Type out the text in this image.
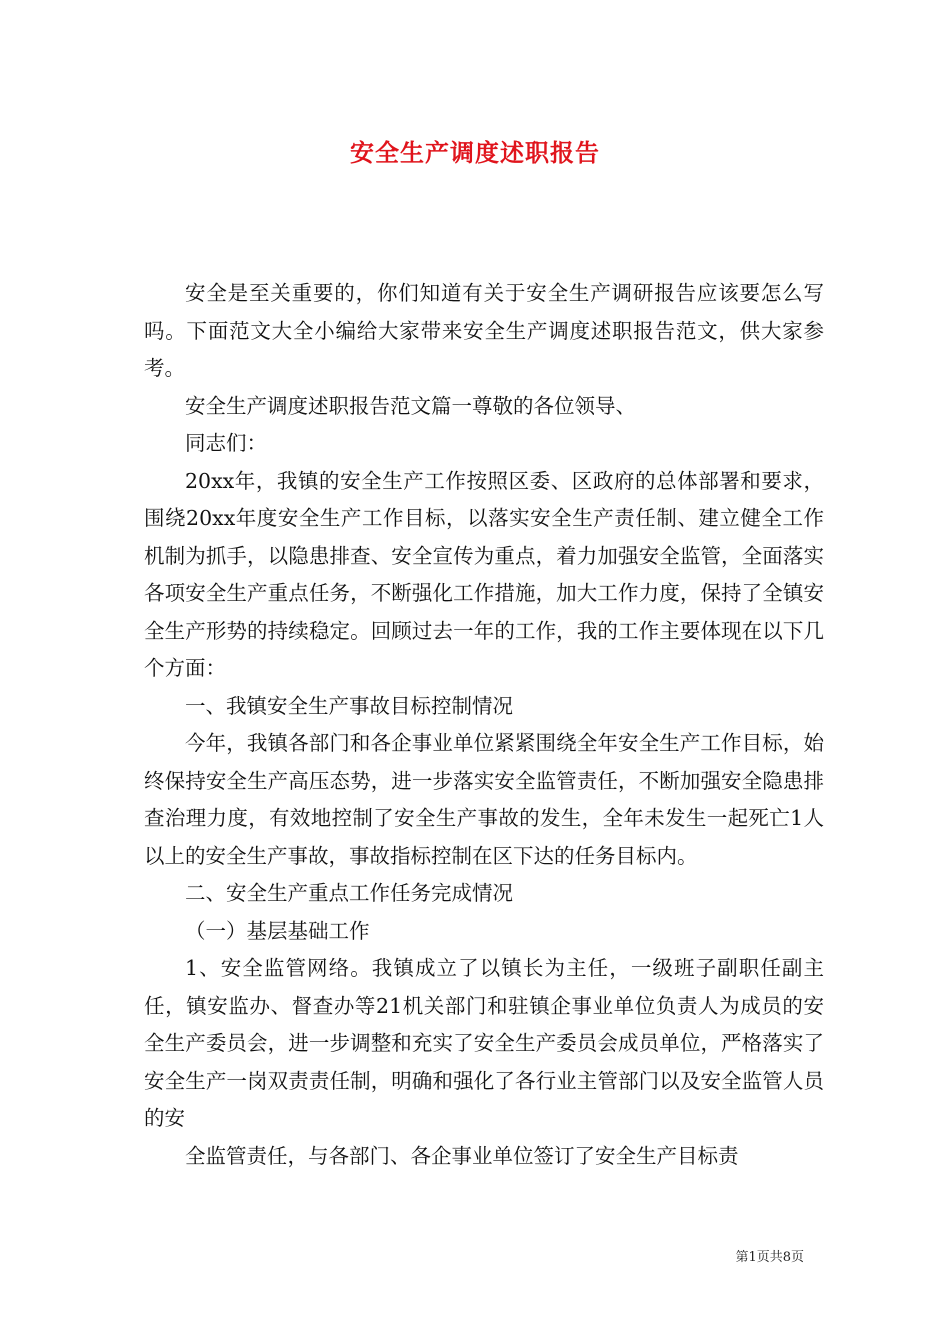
安全生产调度述职报告

安全是至关重要的，你们知道有关于安全生产调研报告应该要怎么写吗。下面范文大全小编给大家带来安全生产调度述职报告范文，供大家参考。

安全生产调度述职报告范文篇一尊敬的各位领导、

同志们：

20xx年，我镇的安全生产工作按照区委、区政府的总体部署和要求，围绕20xx年度安全生产工作目标，以落实安全生产责任制、建立健全工作机制为抓手，以隐患排查、安全宣传为重点，着力加强安全监管，全面落实各项安全生产重点任务，不断强化工作措施，加大工作力度，保持了全镇安全生产形势的持续稳定。回顾过去一年的工作，我的工作主要体现在以下几个方面：

一、我镇安全生产事故目标控制情况

今年，我镇各部门和各企事业单位紧紧围绕全年安全生产工作目标，始终保持安全生产高压态势，进一步落实安全监管责任，不断加强安全隐患排查治理力度，有效地控制了安全生产事故的发生，全年未发生一起死亡1人以上的安全生产事故，事故指标控制在区下达的任务目标内。

二、安全生产重点工作任务完成情况

（一）基层基础工作

1、安全监管网络。我镇成立了以镇长为主任，一级班子副职任副主任，镇安监办、督查办等21机关部门和驻镇企事业单位负责人为成员的安全生产委员会，进一步调整和充实了安全生产委员会成员单位，严格落实了安全生产一岗双责责任制，明确和强化了各行业主管部门以及安全监管人员的安

全监管责任，与各部门、各企事业单位签订了安全生产目标责

第1页共8页
